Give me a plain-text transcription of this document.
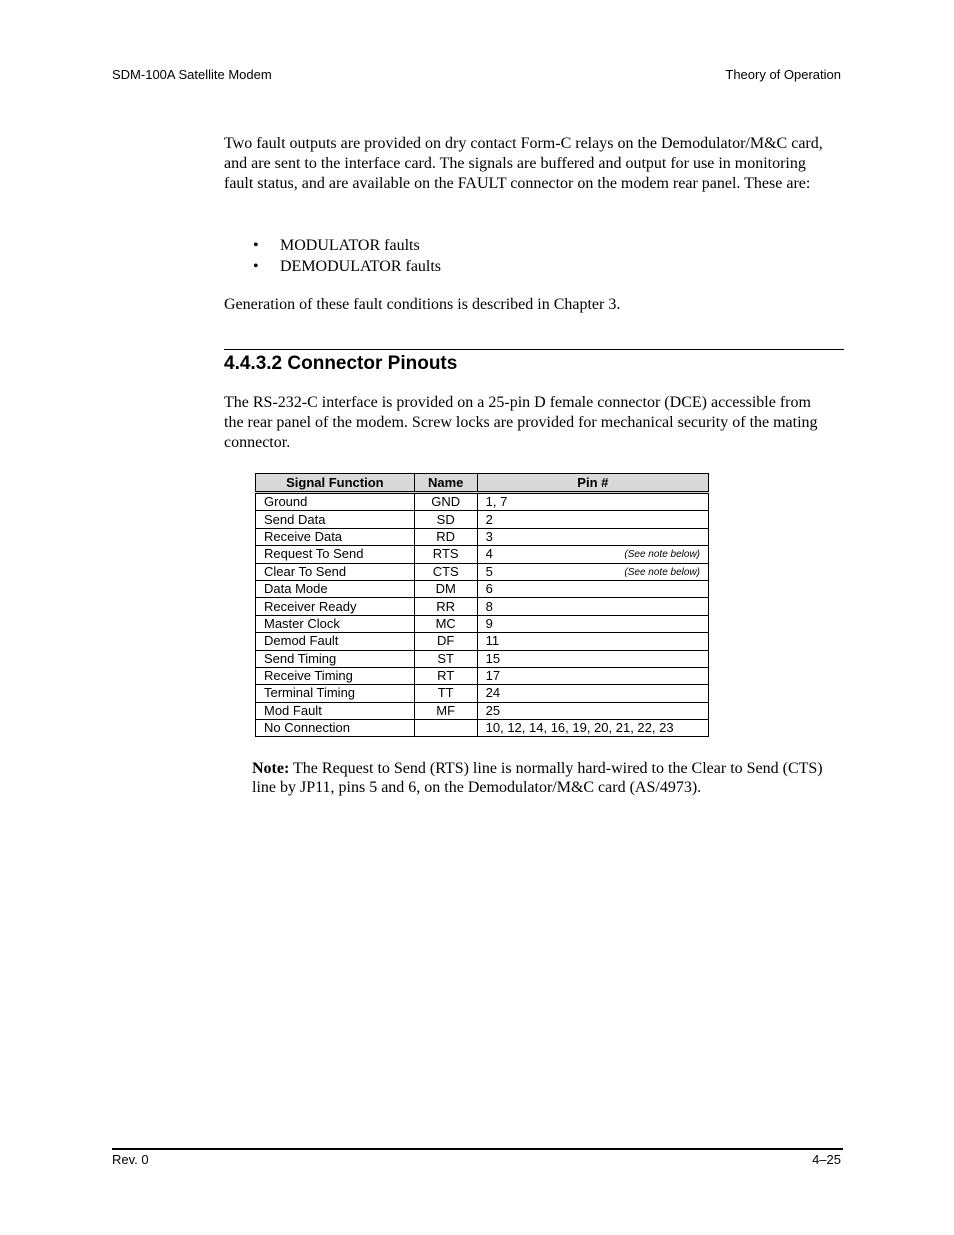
SDM-100A Satellite Modem	Theory of Operation

Two fault outputs are provided on dry contact Form-C relays on the Demodulator/M&C card, and are sent to the interface card. The signals are buffered and output for use in monitoring fault status, and are available on the FAULT connector on the modem rear panel. These are:

• MODULATOR faults
• DEMODULATOR faults

Generation of these fault conditions is described in Chapter 3.

4.4.3.2 Connector Pinouts

The RS-232-C interface is provided on a 25-pin D female connector (DCE) accessible from the rear panel of the modem. Screw locks are provided for mechanical security of the mating connector.

Signal Function	Name	Pin #
Ground	GND	1, 7
Send Data	SD	2
Receive Data	RD	3
Request To Send	RTS	4 (See note below)

Clear To Send	CTS	5 (See note below)

Data Mode	DM	6
Receiver Ready	RR	8
Master Clock	MC	9
Demod Fault	DF	11
Send Timing	ST	15
Receive Timing	RT	17
Terminal Timing	TT	24
Mod Fault	MF	25
No Connection		10, 12, 14, 16, 19, 20, 21, 22, 23

Note: The Request to Send (RTS) line is normally hard-wired to the Clear to Send (CTS) line by JP11, pins 5 and 6, on the Demodulator/M&C card (AS/4973).

Rev. 0	4–25
